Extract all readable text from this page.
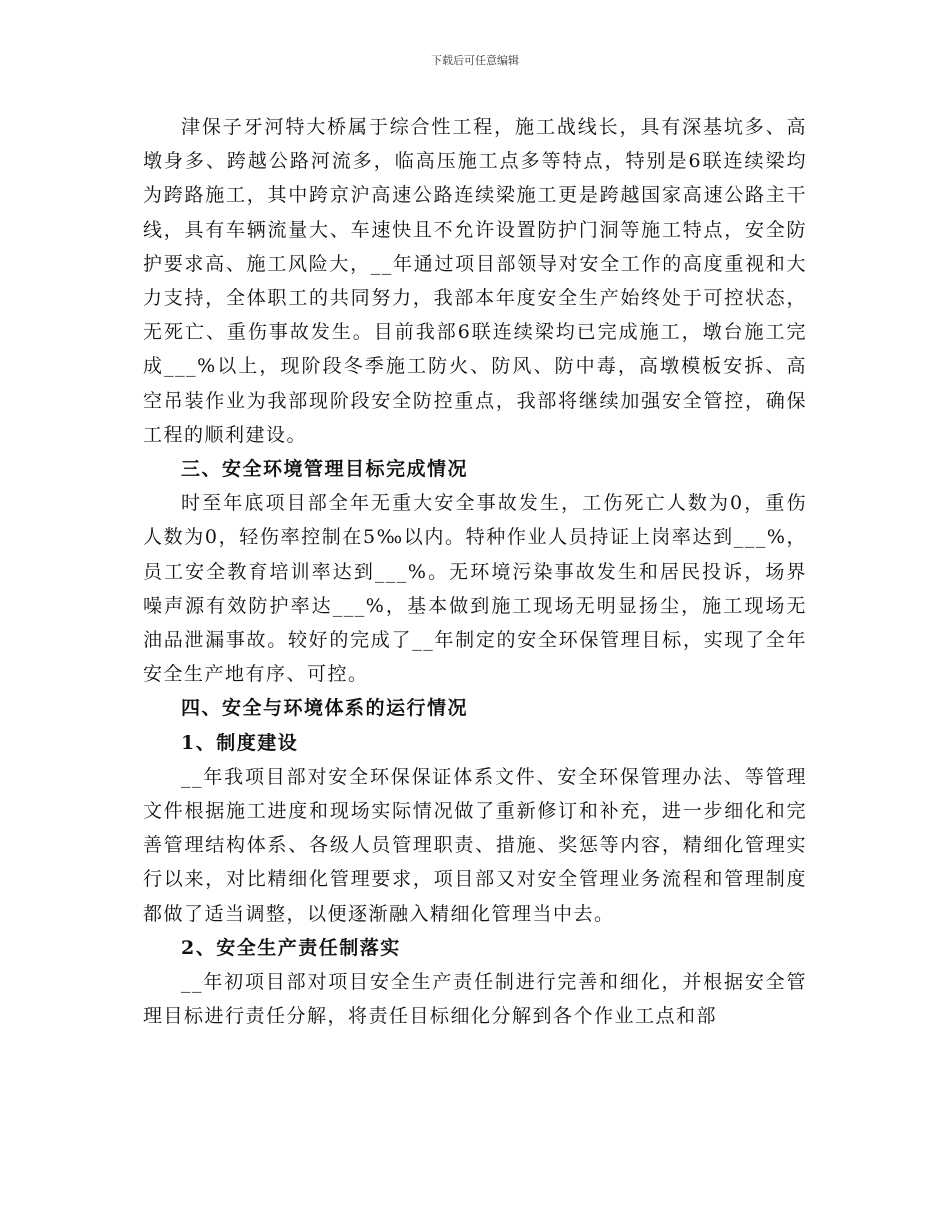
下载后可任意编辑

津保子牙河特大桥属于综合性工程，施工战线长，具有深基坑多、高墩身多、跨越公路河流多，临高压施工点多等特点，特别是6联连续梁均为跨路施工，其中跨京沪高速公路连续梁施工更是跨越国家高速公路主干线，具有车辆流量大、车速快且不允许设置防护门洞等施工特点，安全防护要求高、施工风险大，__年通过项目部领导对安全工作的高度重视和大力支持，全体职工的共同努力，我部本年度安全生产始终处于可控状态，无死亡、重伤事故发生。目前我部6联连续梁均已完成施工，墩台施工完成___%以上，现阶段冬季施工防火、防风、防中毒，高墩模板安拆、高空吊装作业为我部现阶段安全防控重点，我部将继续加强安全管控，确保工程的顺利建设。

三、安全环境管理目标完成情况

时至年底项目部全年无重大安全事故发生，工伤死亡人数为0，重伤人数为0，轻伤率控制在5‰以内。特种作业人员持证上岗率达到___%，员工安全教育培训率达到___%。无环境污染事故发生和居民投诉，场界噪声源有效防护率达___%，基本做到施工现场无明显扬尘，施工现场无油品泄漏事故。较好的完成了__年制定的安全环保管理目标，实现了全年安全生产地有序、可控。

四、安全与环境体系的运行情况

1、制度建设

__年我项目部对安全环保保证体系文件、安全环保管理办法、等管理文件根据施工进度和现场实际情况做了重新修订和补充，进一步细化和完善管理结构体系、各级人员管理职责、措施、奖惩等内容，精细化管理实行以来，对比精细化管理要求，项目部又对安全管理业务流程和管理制度都做了适当调整，以便逐渐融入精细化管理当中去。

2、安全生产责任制落实

__年初项目部对项目安全生产责任制进行完善和细化，并根据安全管理目标进行责任分解，将责任目标细化分解到各个作业工点和部
